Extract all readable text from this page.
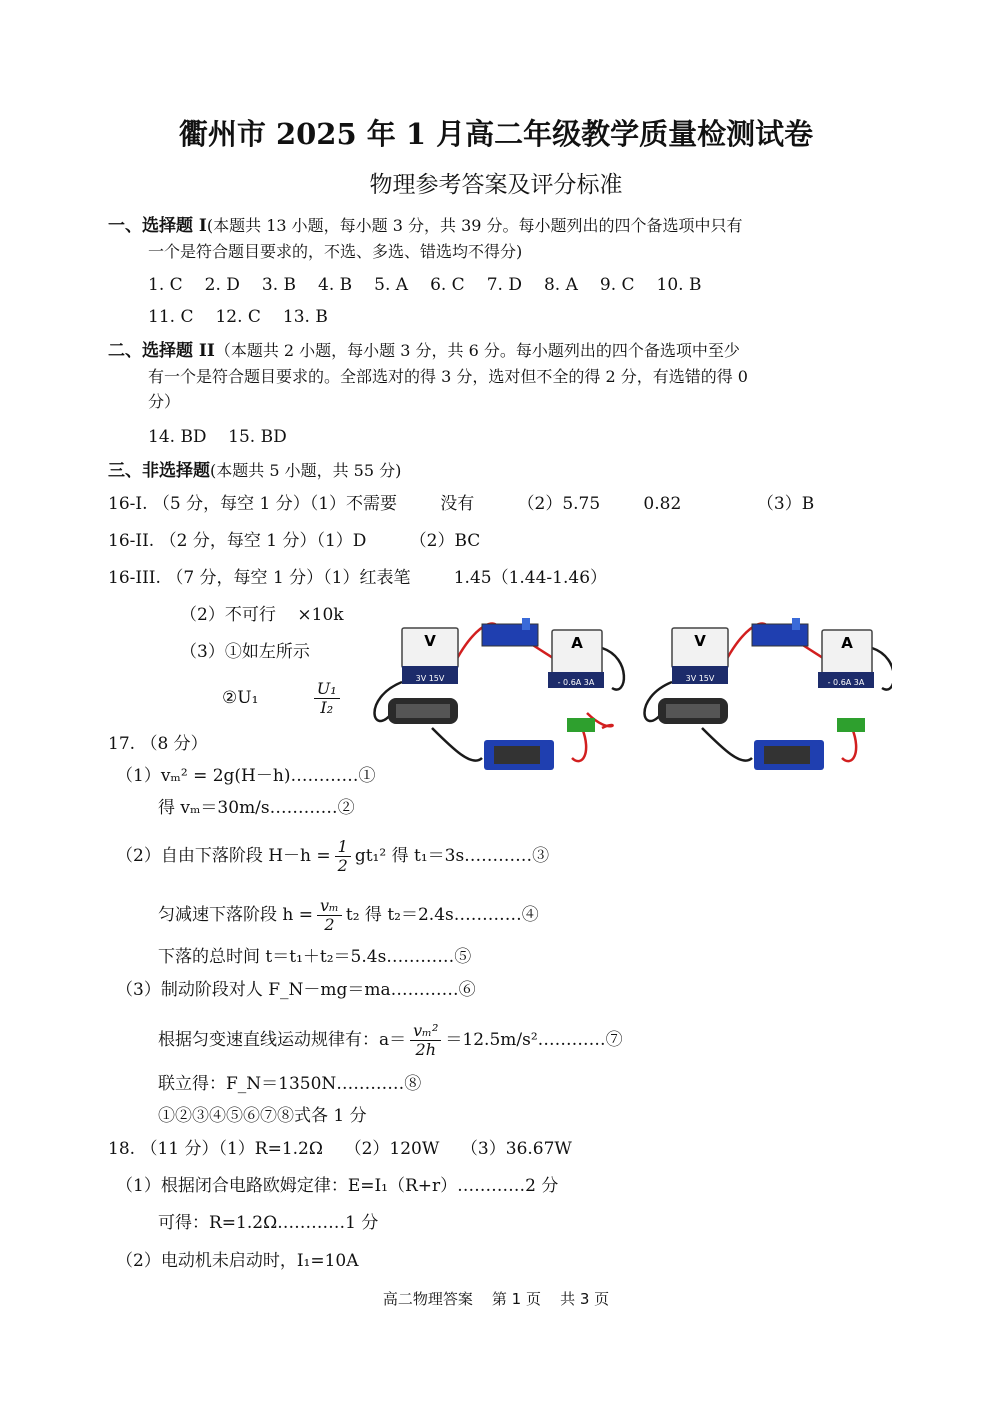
衢州市 2025 年 1 月高二年级教学质量检测试卷
物理参考答案及评分标准
一、选择题 I(本题共 13 小题，每小题 3 分，共 39 分。每小题列出的四个备选项中只有
一个是符合题目要求的，不选、多选、错选均不得分)
1. C 2. D 3. B 4. B 5. A 6. C 7. D 8. A 9. C 10. B
11. C 12. C 13. B
二、选择题 II（本题共 2 小题，每小题 3 分，共 6 分。每小题列出的四个备选项中至少
有一个是符合题目要求的。全部选对的得 3 分，选对但不全的得 2 分，有选错的得 0
分）
14. BD    15. BD
三、非选择题(本题共 5 小题，共 55 分)
16-I. （5 分，每空 1 分）（1）不需要        没有        （2）5.75        0.82              （3）B
16-II. （2 分，每空 1 分）（1）D        （2）BC
16-III. （7 分，每空 1 分）（1）红表笔        1.45（1.44-1.46）
（2）不可行    ×10k
（3）①如左所示
②U₁	$\frac{\text{U₁}}{\text{I₂}}$
V
3V 15V
A
- 0.6A 3A
V
3V 15V
A
- 0.6A 3A
17. （8 分）
（1）vₘ² = 2g(H－h)…………①
得 vₘ＝30m/s…………②
（2）自由下落阶段 $H-h = \frac{1}{2} gt_1^2$ 得 t₁＝3s…………③
匀减速下落阶段 $h = \frac{\text{vₘ}}{2} t_2$ 得 t₂＝2.4s…………④
下落的总时间 t＝t₁＋t₂＝5.4s…………⑤
（3）制动阶段对人 F_N－mg＝ma…………⑥
根据匀变速直线运动规律有：$a= \frac{\text{vₘ²}}{2h}$ ＝12.5m/s²…………⑦
联立得：F_N＝1350N…………⑧
①②③④⑤⑥⑦⑧式各 1 分
18. （11 分）（1）R=1.2Ω    （2）120W    （3）36.67W
（1）根据闭合电路欧姆定律：E=I₁（R+r）…………2 分
可得：R=1.2Ω…………1 分
（2）电动机未启动时，I₁=10A
高二物理答案    第 1 页    共 3 页
